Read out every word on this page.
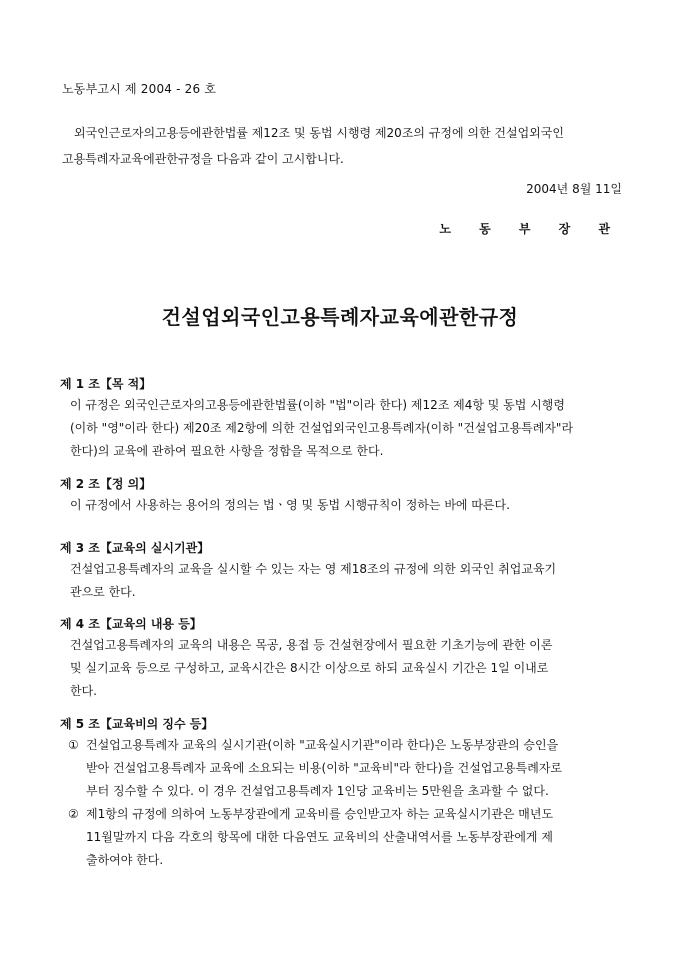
노동부고시 제 2004 - 26 호
외국인근로자의고용등에관한법률 제12조 및 동법 시행령 제20조의 규정에 의한 건설업외국인
고용특례자교육에관한규정을 다음과 같이 고시합니다.
2004년 8월 11일
노 동 부 장 관
건설업외국인고용특례자교육에관한규정
제 1 조【목 적】
이 규정은 외국인근로자의고용등에관한법률(이하 "법"이라 한다) 제12조 제4항 및 동법 시행령
(이하 "영"이라 한다) 제20조 제2항에 의한 건설업외국인고용특례자(이하 "건설업고용특례자"라
한다)의 교육에 관하여 필요한 사항을 정함을 목적으로 한다.
제 2 조【정 의】
이 규정에서 사용하는 용어의 정의는 법ㆍ영 및 동법 시행규칙이 정하는 바에 따른다.
제 3 조【교육의 실시기관】
건설업고용특례자의 교육을 실시할 수 있는 자는 영 제18조의 규정에 의한 외국인 취업교육기
관으로 한다.
제 4 조【교육의 내용 등】
건설업고용특례자의 교육의 내용은 목공, 용접 등 건설현장에서 필요한 기초기능에 관한 이론
및 실기교육 등으로 구성하고, 교육시간은 8시간 이상으로 하되 교육실시 기간은 1일 이내로
한다.
제 5 조【교육비의 징수 등】
① 건설업고용특례자 교육의 실시기관(이하 "교육실시기관"이라 한다)은 노동부장관의 승인을
받아 건설업고용특례자 교육에 소요되는 비용(이하 "교육비"라 한다)을 건설업고용특례자로
부터 징수할 수 있다. 이 경우 건설업고용특례자 1인당 교육비는 5만원을 초과할 수 없다.
② 제1항의 규정에 의하여 노동부장관에게 교육비를 승인받고자 하는 교육실시기관은 매년도
11월말까지 다음 각호의 항목에 대한 다음연도 교육비의 산출내역서를 노동부장관에게 제
출하여야 한다.
